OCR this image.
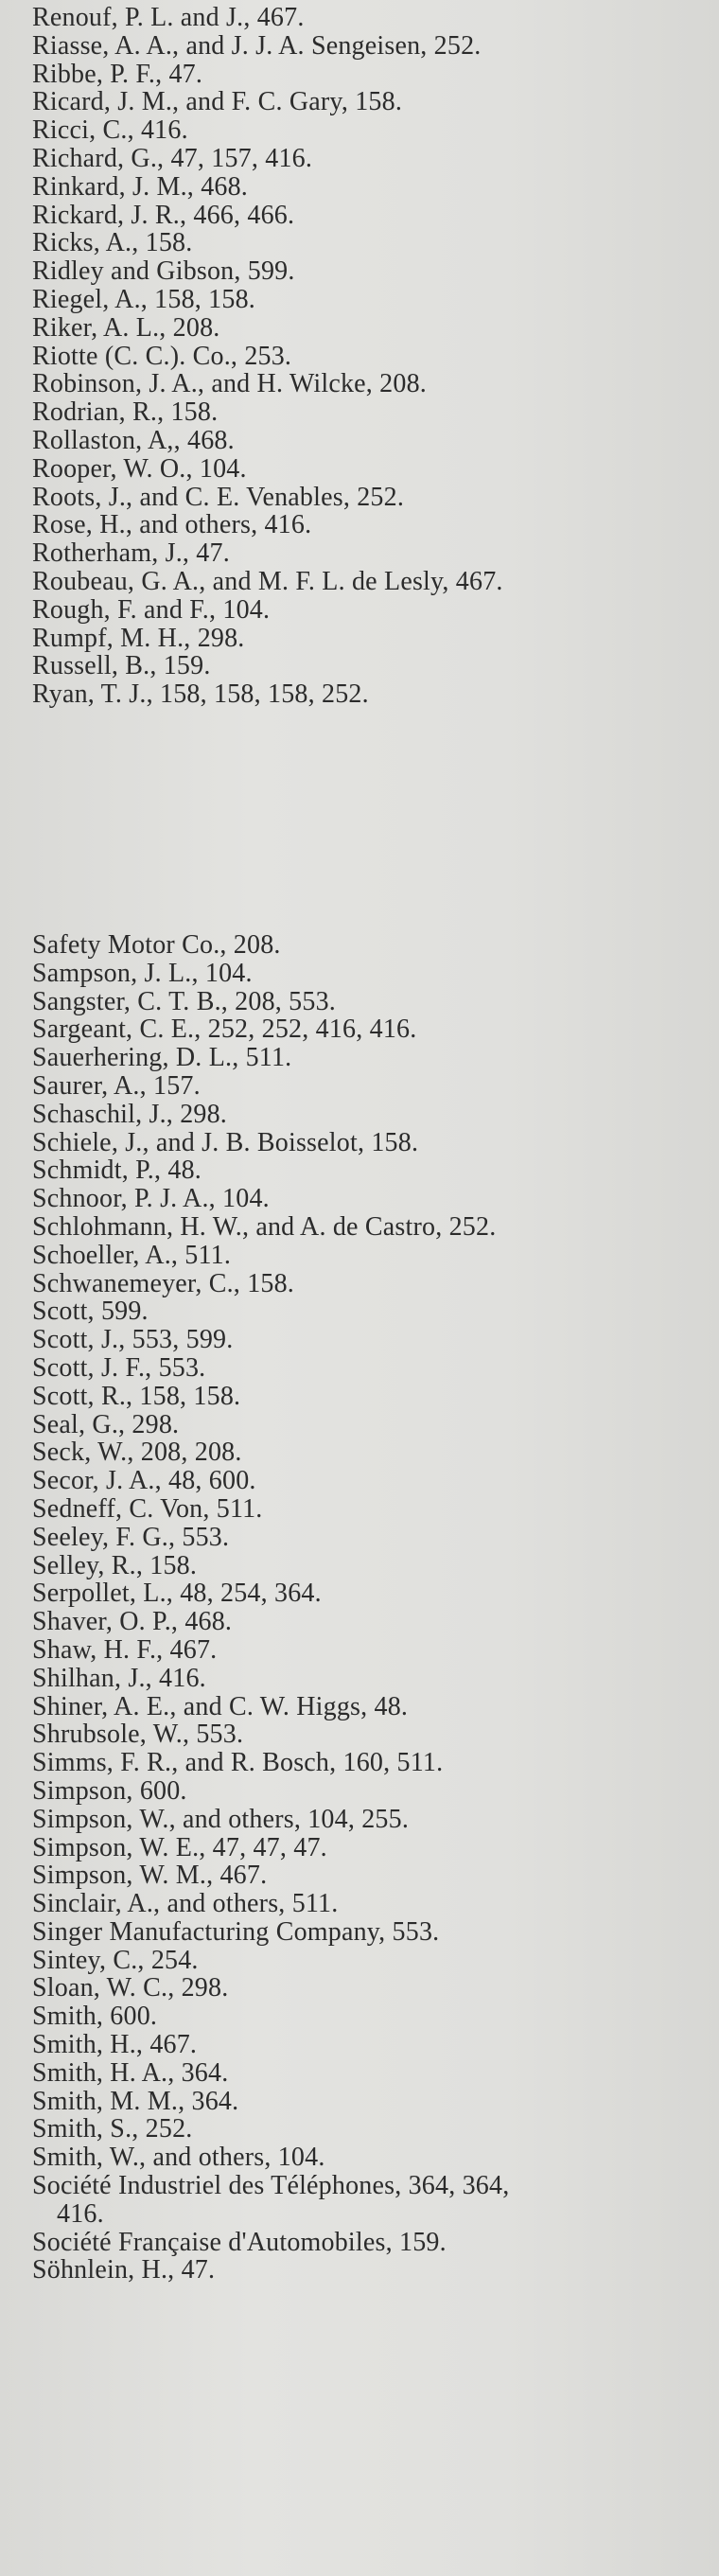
Renouf, P. L. and J., 467.
Riasse, A. A., and J. J. A. Sengeisen, 252.
Ribbe, P. F., 47.
Ricard, J. M., and F. C. Gary, 158.
Ricci, C., 416.
Richard, G., 47, 157, 416.
Rinkard, J. M., 468.
Rickard, J. R., 466, 466.
Ricks, A., 158.
Ridley and Gibson, 599.
Riegel, A., 158, 158.
Riker, A. L., 208.
Riotte (C. C.). Co., 253.
Robinson, J. A., and H. Wilcke, 208.
Rodrian, R., 158.
Rollaston, A,, 468.
Rooper, W. O., 104.
Roots, J., and C. E. Venables, 252.
Rose, H., and others, 416.
Rotherham, J., 47.
Roubeau, G. A., and M. F. L. de Lesly, 467.
Rough, F. and F., 104.
Rumpf, M. H., 298.
Russell, B., 159.
Ryan, T. J., 158, 158, 158, 252.
Safety Motor Co., 208.
Sampson, J. L., 104.
Sangster, C. T. B., 208, 553.
Sargeant, C. E., 252, 252, 416, 416.
Sauerhering, D. L., 511.
Saurer, A., 157.
Schaschil, J., 298.
Schiele, J., and J. B. Boisselot, 158.
Schmidt, P., 48.
Schnoor, P. J. A., 104.
Schlohmann, H. W., and A. de Castro, 252.
Schoeller, A., 511.
Schwanemeyer, C., 158.
Scott, 599.
Scott, J., 553, 599.
Scott, J. F., 553.
Scott, R., 158, 158.
Seal, G., 298.
Seck, W., 208, 208.
Secor, J. A., 48, 600.
Sedneff, C. Von, 511.
Seeley, F. G., 553.
Selley, R., 158.
Serpollet, L., 48, 254, 364.
Shaver, O. P., 468.
Shaw, H. F., 467.
Shilhan, J., 416.
Shiner, A. E., and C. W. Higgs, 48.
Shrubsole, W., 553.
Simms, F. R., and R. Bosch, 160, 511.
Simpson, 600.
Simpson, W., and others, 104, 255.
Simpson, W. E., 47, 47, 47.
Simpson, W. M., 467.
Sinclair, A., and others, 511.
Singer Manufacturing Company, 553.
Sintey, C., 254.
Sloan, W. C., 298.
Smith, 600.
Smith, H., 467.
Smith, H. A., 364.
Smith, M. M., 364.
Smith, S., 252.
Smith, W., and others, 104.
Société Industriel des Téléphones, 364, 364,
416.
Société Française d'Automobiles, 159.
Söhnlein, H., 47.
